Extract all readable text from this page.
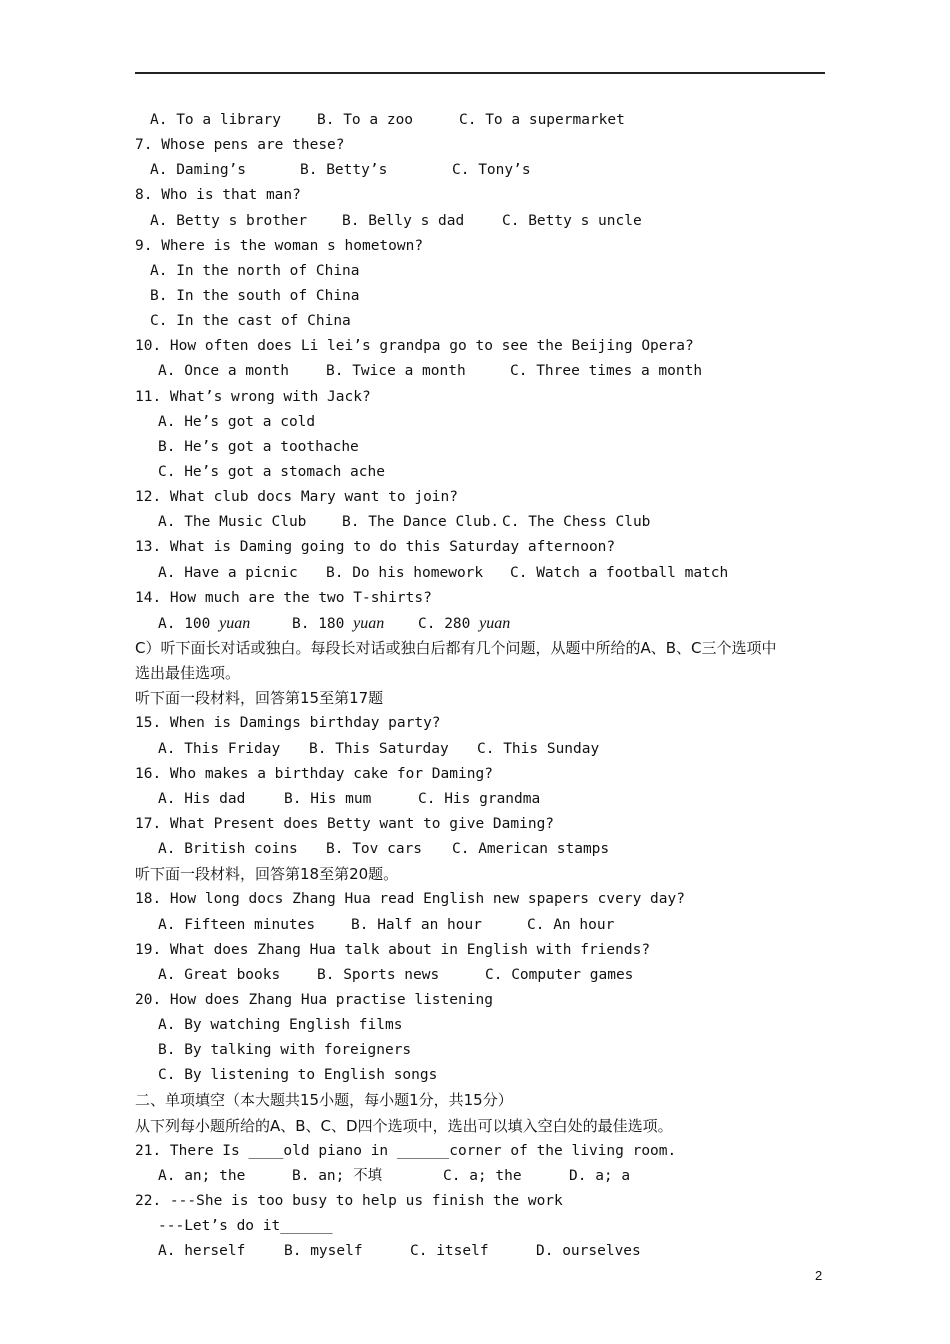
A. To a library B. To a zoo	C. To a supermarket
7. Whose pens are these?
A. Daming’s	B. Betty’s	C. Tony’s
8. Who is that man?
A. Betty s brother B. Belly s dad	C. Betty s uncle
9. Where is the woman s hometown?
A. In the north of China
B. In the south of China
C. In the cast of China
10. How often does Li lei’s grandpa go to see the Beijing Opera?
A. Once a month	B. Twice a month	C. Three times a month
11. What’s wrong with Jack?
A. He’s got a cold
B. He’s got a toothache
C. He’s got a stomach ache
12. What club docs Mary want to join?
A. The Music Club B. The Dance Club. C. The Chess Club
13. What is Daming going to do this Saturday afternoon?
A. Have a picnic B. Do his homework C. Watch a football match
14. How much are the two T-shirts?
A. 100 yuan	B. 180 yuan C. 280 yuan
C）听下面长对话或独白。每段长对话或独白后都有几个问题，从题中所给的A、B、C三个选项中
选出最佳选项。
听下面一段材料，回答第15至第17题
15. When is Damings birthday party?
A. This Friday B. This Saturday C. This Sunday
16. Who makes a birthday cake for Daming?
A. His dad	B. His mum	C. His grandma
17. What Present does Betty want to give Daming?
A. British coins B. Tov cars C. American stamps
听下面一段材料，回答第18至第20题。
18. How long docs Zhang Hua read English new spapers cvery day?
A. Fifteen minutes B. Half an hour	C. An hour
19. What does Zhang Hua talk about in English with friends?
A. Great books	B. Sports news	C. Computer games
20. How does Zhang Hua practise listening
A. By watching English films
B. By talking with foreigners
C. By listening to English songs
二、单项填空（本大题共15小题，每小题1分，共15分）
从下列每小题所给的A、B、C、D四个选项中，选出可以填入空白处的最佳选项。
21. There Is ____old piano in ______corner of the living room.
A. an; the	B. an; 不填	C. a; the	D. a; a
22. ---She is too busy to help us finish the work
---Let’s do it______
A. herself	B. myself	C. itself	D. ourselves
2
